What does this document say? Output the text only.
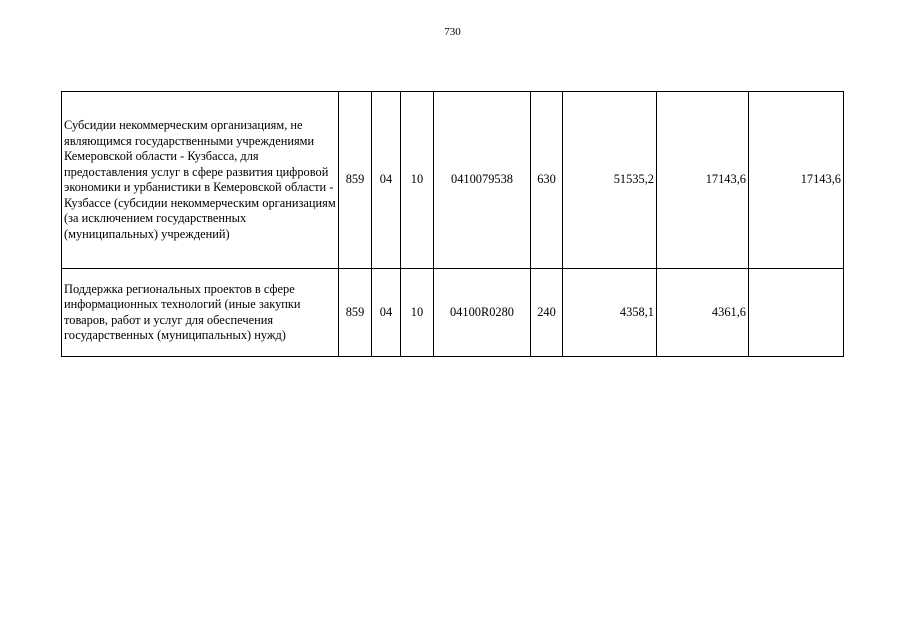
730
Субсидии некоммерческим организациям, не являющимся государственными учреждениями Кемеровской области - Кузбасса, для предоставления услуг в сфере развития цифровой экономики и урбанистики в Кемеровской области - Кузбассе (субсидии некоммерческим организациям (за исключением государственных (муниципальных) учреждений)	859	04	10	0410079538	630	51535,2	17143,6	17143,6
Поддержка региональных проектов в сфере информационных технологий (иные закупки товаров, работ и услуг для обеспечения государственных (муниципальных) нужд)	859	04	10	04100R0280	240	4358,1	4361,6	
